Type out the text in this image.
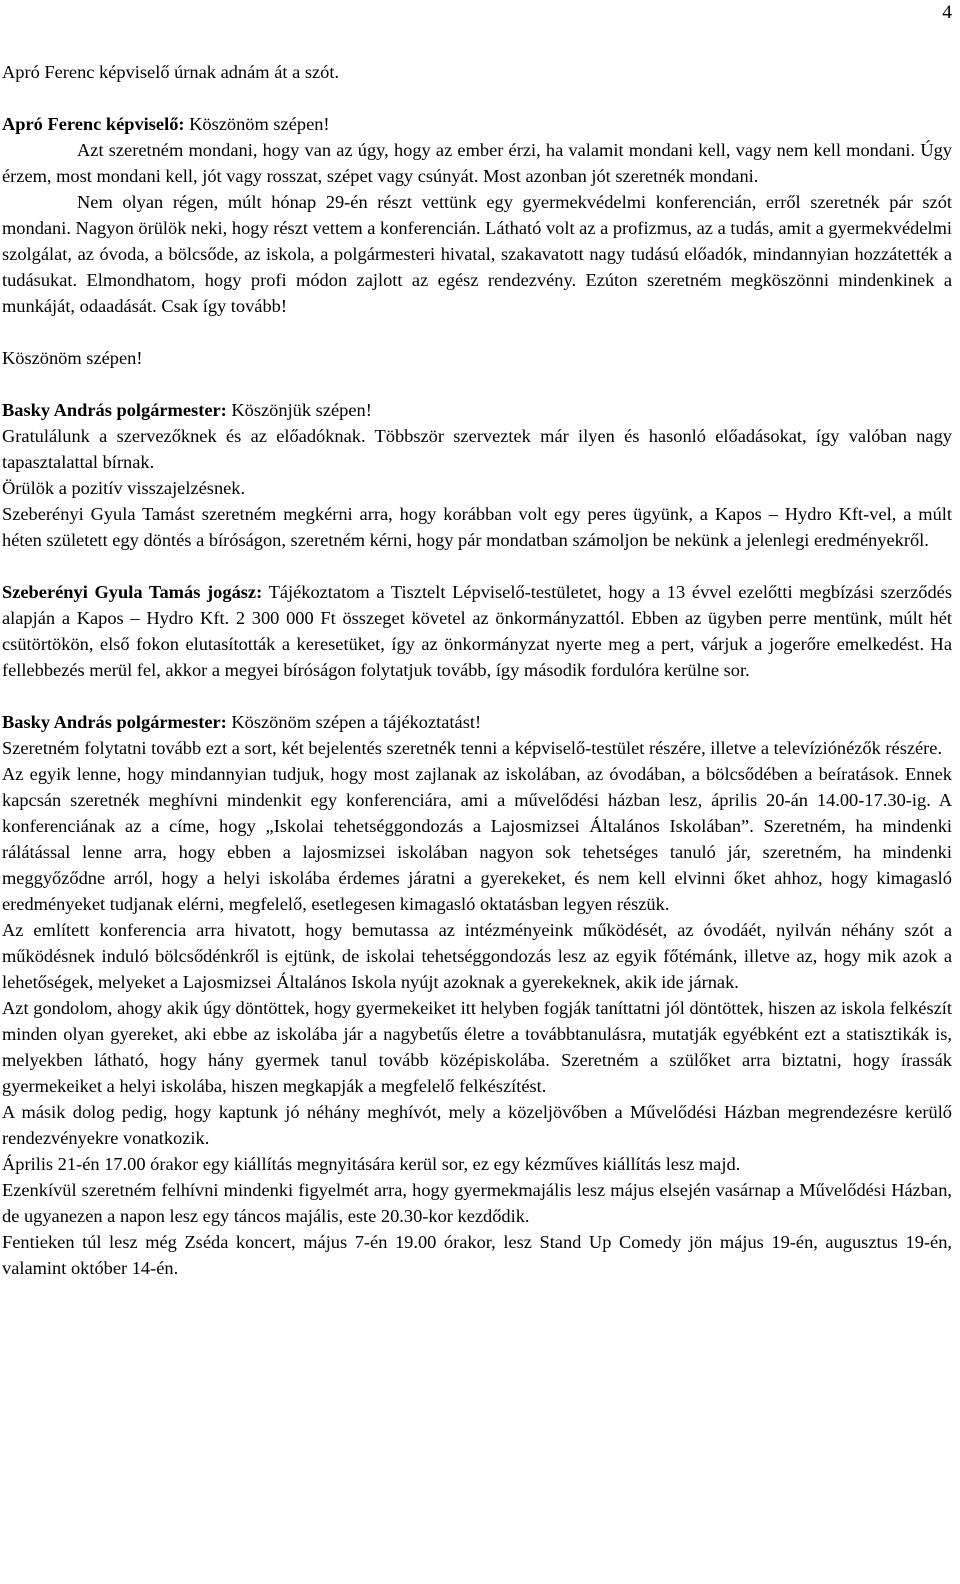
4

Apró Ferenc képviselő úrnak adnám át a szót.

Apró Ferenc képviselő: Köszönöm szépen!

Azt szeretném mondani, hogy van az úgy, hogy az ember érzi, ha valamit mondani kell, vagy nem kell mondani. Úgy érzem, most mondani kell, jót vagy rosszat, szépet vagy csúnyát. Most azonban jót szeretnék mondani.

Nem olyan régen, múlt hónap 29-én részt vettünk egy gyermekvédelmi konferencián, erről szeretnék pár szót mondani. Nagyon örülök neki, hogy részt vettem a konferencián. Látható volt az a profizmus, az a tudás, amit a gyermekvédelmi szolgálat, az óvoda, a bölcsőde, az iskola, a polgármesteri hivatal, szakavatott nagy tudású előadók, mindannyian hozzátették a tudásukat. Elmondhatom, hogy profi módon zajlott az egész rendezvény. Ezúton szeretném megköszönni mindenkinek a munkáját, odaadását. Csak így tovább!

Köszönöm szépen!

Basky András polgármester: Köszönjük szépen!

Gratulálunk a szervezőknek és az előadóknak. Többször szerveztek már ilyen és hasonló előadásokat, így valóban nagy tapasztalattal bírnak.

Örülök a pozitív visszajelzésnek.

Szeberényi Gyula Tamást szeretném megkérni arra, hogy korábban volt egy peres ügyünk, a Kapos – Hydro Kft-vel, a múlt héten született egy döntés a bíróságon, szeretném kérni, hogy pár mondatban számoljon be nekünk a jelenlegi eredményekről.

Szeberényi Gyula Tamás jogász: Tájékoztatom a Tisztelt Lépviselő-testületet, hogy a 13 évvel ezelőtti megbízási szerződés alapján a Kapos – Hydro Kft. 2 300 000 Ft összeget követel az önkormányzattól. Ebben az ügyben perre mentünk, múlt hét csütörtökön, első fokon elutasították a keresetüket, így az önkormányzat nyerte meg a pert, várjuk a jogerőre emelkedést. Ha fellebbezés merül fel, akkor a megyei bíróságon folytatjuk tovább, így második fordulóra kerülne sor.

Basky András polgármester: Köszönöm szépen a tájékoztatást!

Szeretném folytatni tovább ezt a sort, két bejelentés szeretnék tenni a képviselő-testület részére, illetve a televíziónézők részére.

Az egyik lenne, hogy mindannyian tudjuk, hogy most zajlanak az iskolában, az óvodában, a bölcsődében a beíratások. Ennek kapcsán szeretnék meghívni mindenkit egy konferenciára, ami a művelődési házban lesz, április 20-án 14.00-17.30-ig. A konferenciának az a címe, hogy „Iskolai tehetséggondozás a Lajosmizsei Általános Iskolában”. Szeretném, ha mindenki rálátással lenne arra, hogy ebben a lajosmizsei iskolában nagyon sok tehetséges tanuló jár, szeretném, ha mindenki meggyőződne arról, hogy a helyi iskolába érdemes járatni a gyerekeket, és nem kell elvinni őket ahhoz, hogy kimagasló eredményeket tudjanak elérni, megfelelő, esetlegesen kimagasló oktatásban legyen részük.

Az említett konferencia arra hivatott, hogy bemutassa az intézményeink működését, az óvodáét, nyilván néhány szót a működésnek induló bölcsődénkről is ejtünk, de iskolai tehetséggondozás lesz az egyik főtémánk, illetve az, hogy mik azok a lehetőségek, melyeket a Lajosmizsei Általános Iskola nyújt azoknak a gyerekeknek, akik ide járnak.

Azt gondolom, ahogy akik úgy döntöttek, hogy gyermekeiket itt helyben fogják taníttatni jól döntöttek, hiszen az iskola felkészít minden olyan gyereket, aki ebbe az iskolába jár a nagybetűs életre a továbbtanulásra, mutatják egyébként ezt a statisztikák is, melyekben látható, hogy hány gyermek tanul tovább középiskolába. Szeretném a szülőket arra biztatni, hogy írassák gyermekeiket a helyi iskolába, hiszen megkapják a megfelelő felkészítést.

A másik dolog pedig, hogy kaptunk jó néhány meghívót, mely a közeljövőben a Művelődési Házban megrendezésre kerülő rendezvényekre vonatkozik.

Április 21-én 17.00 órakor egy kiállítás megnyitására kerül sor, ez egy kézműves kiállítás lesz majd.

Ezenkívül szeretném felhívni mindenki figyelmét arra, hogy gyermekmajális lesz május elsején vasárnap a Művelődési Házban, de ugyanezen a napon lesz egy táncos majális, este 20.30-kor kezdődik.

Fentieken túl lesz még Zséda koncert, május 7-én 19.00 órakor, lesz Stand Up Comedy jön május 19-én, augusztus 19-én, valamint október 14-én.
